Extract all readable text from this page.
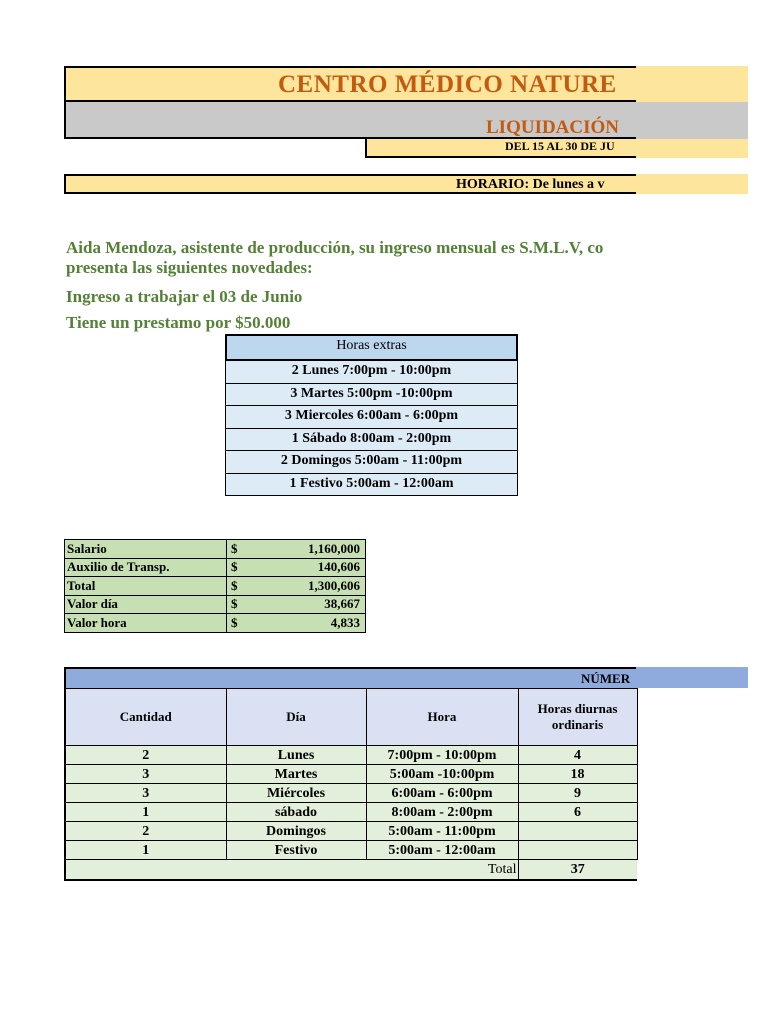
CENTRO MÉDICO NATURE
LIQUIDACIÓN
DEL 15 AL 30 DE JU
HORARIO: De lunes a v
Aida Mendoza, asistente de producción, su ingreso mensual es S.M.L.V, co
presenta las siguientes novedades:
Ingreso a trabajar el 03 de Junio
Tiene un prestamo por $50.000
Horas extras
2 Lunes 7:00pm - 10:00pm
3 Martes 5:00pm -10:00pm
3 Miercoles 6:00am - 6:00pm
1 Sábado 8:00am - 2:00pm
2 Domingos 5:00am - 11:00pm
1 Festivo 5:00am - 12:00am
Salario	$	1,160,000
Auxilio de Transp.	$	140,606
Total	$	1,300,606
Valor día	$	38,667
Valor hora	$	4,833
NÚMER
Cantidad	Día	Hora	Horas diurnas ordinaris
2	Lunes	7:00pm - 10:00pm	4
3	Martes	5:00am -10:00pm	18
3	Miércoles	6:00am - 6:00pm	9
1	sábado	8:00am - 2:00pm	6
2	Domingos	5:00am - 11:00pm	
1	Festivo	5:00am - 12:00am	
Total			37
